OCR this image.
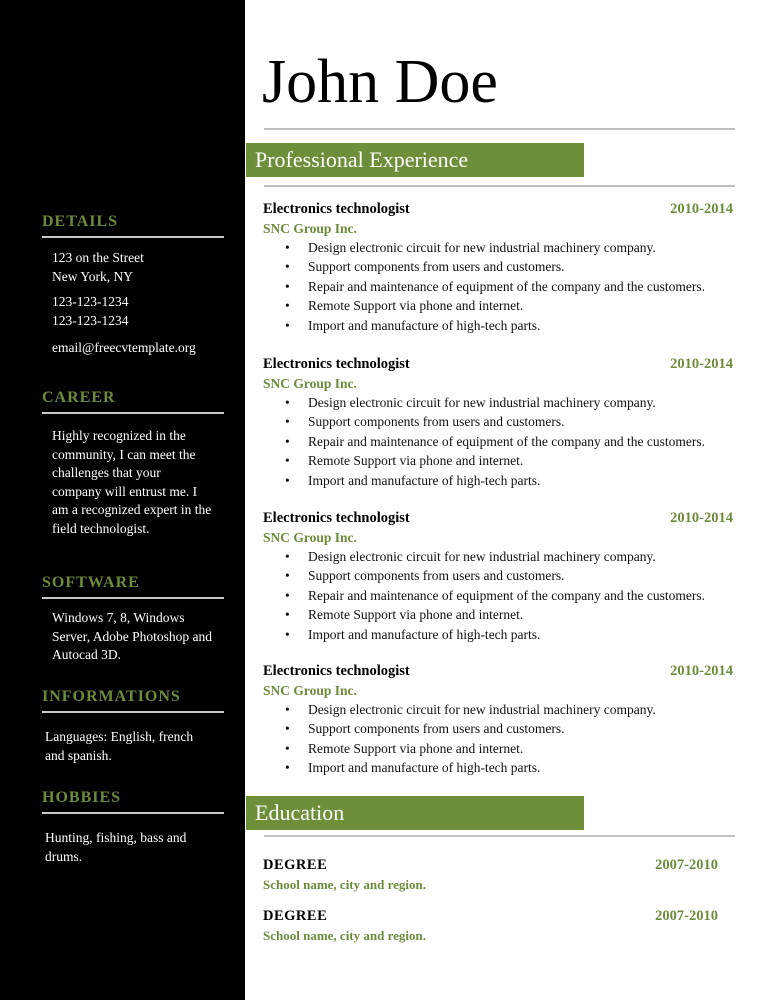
DETAILS
123 on the Street
New York, NY
123-123-1234
123-123-1234
email@freecvtemplate.org
CAREER
Highly recognized in the community, I can meet the challenges that your company will entrust me. I am a recognized expert in the field technologist.
SOFTWARE
Windows 7, 8, Windows Server, Adobe Photoshop and Autocad 3D.
INFORMATIONS
Languages: English, french and spanish.
HOBBIES
Hunting, fishing, bass and drums.
John Doe
Professional Experience
Electronics technologist	2010-2014
SNC Group Inc.
• Design electronic circuit for new industrial machinery company.
• Support components from users and customers.
• Repair and maintenance of equipment of the company and the customers.
• Remote Support via phone and internet.
• Import and manufacture of high-tech parts.
Electronics technologist	2010-2014
SNC Group Inc.
• Design electronic circuit for new industrial machinery company.
• Support components from users and customers.
• Repair and maintenance of equipment of the company and the customers.
• Remote Support via phone and internet.
• Import and manufacture of high-tech parts.
Electronics technologist	2010-2014
SNC Group Inc.
• Design electronic circuit for new industrial machinery company.
• Support components from users and customers.
• Repair and maintenance of equipment of the company and the customers.
• Remote Support via phone and internet.
• Import and manufacture of high-tech parts.
Electronics technologist	2010-2014
SNC Group Inc.
• Design electronic circuit for new industrial machinery company.
• Support components from users and customers.
• Remote Support via phone and internet.
• Import and manufacture of high-tech parts.
Education
DEGREE	2007-2010
School name, city and region.
DEGREE	2007-2010
School name, city and region.
